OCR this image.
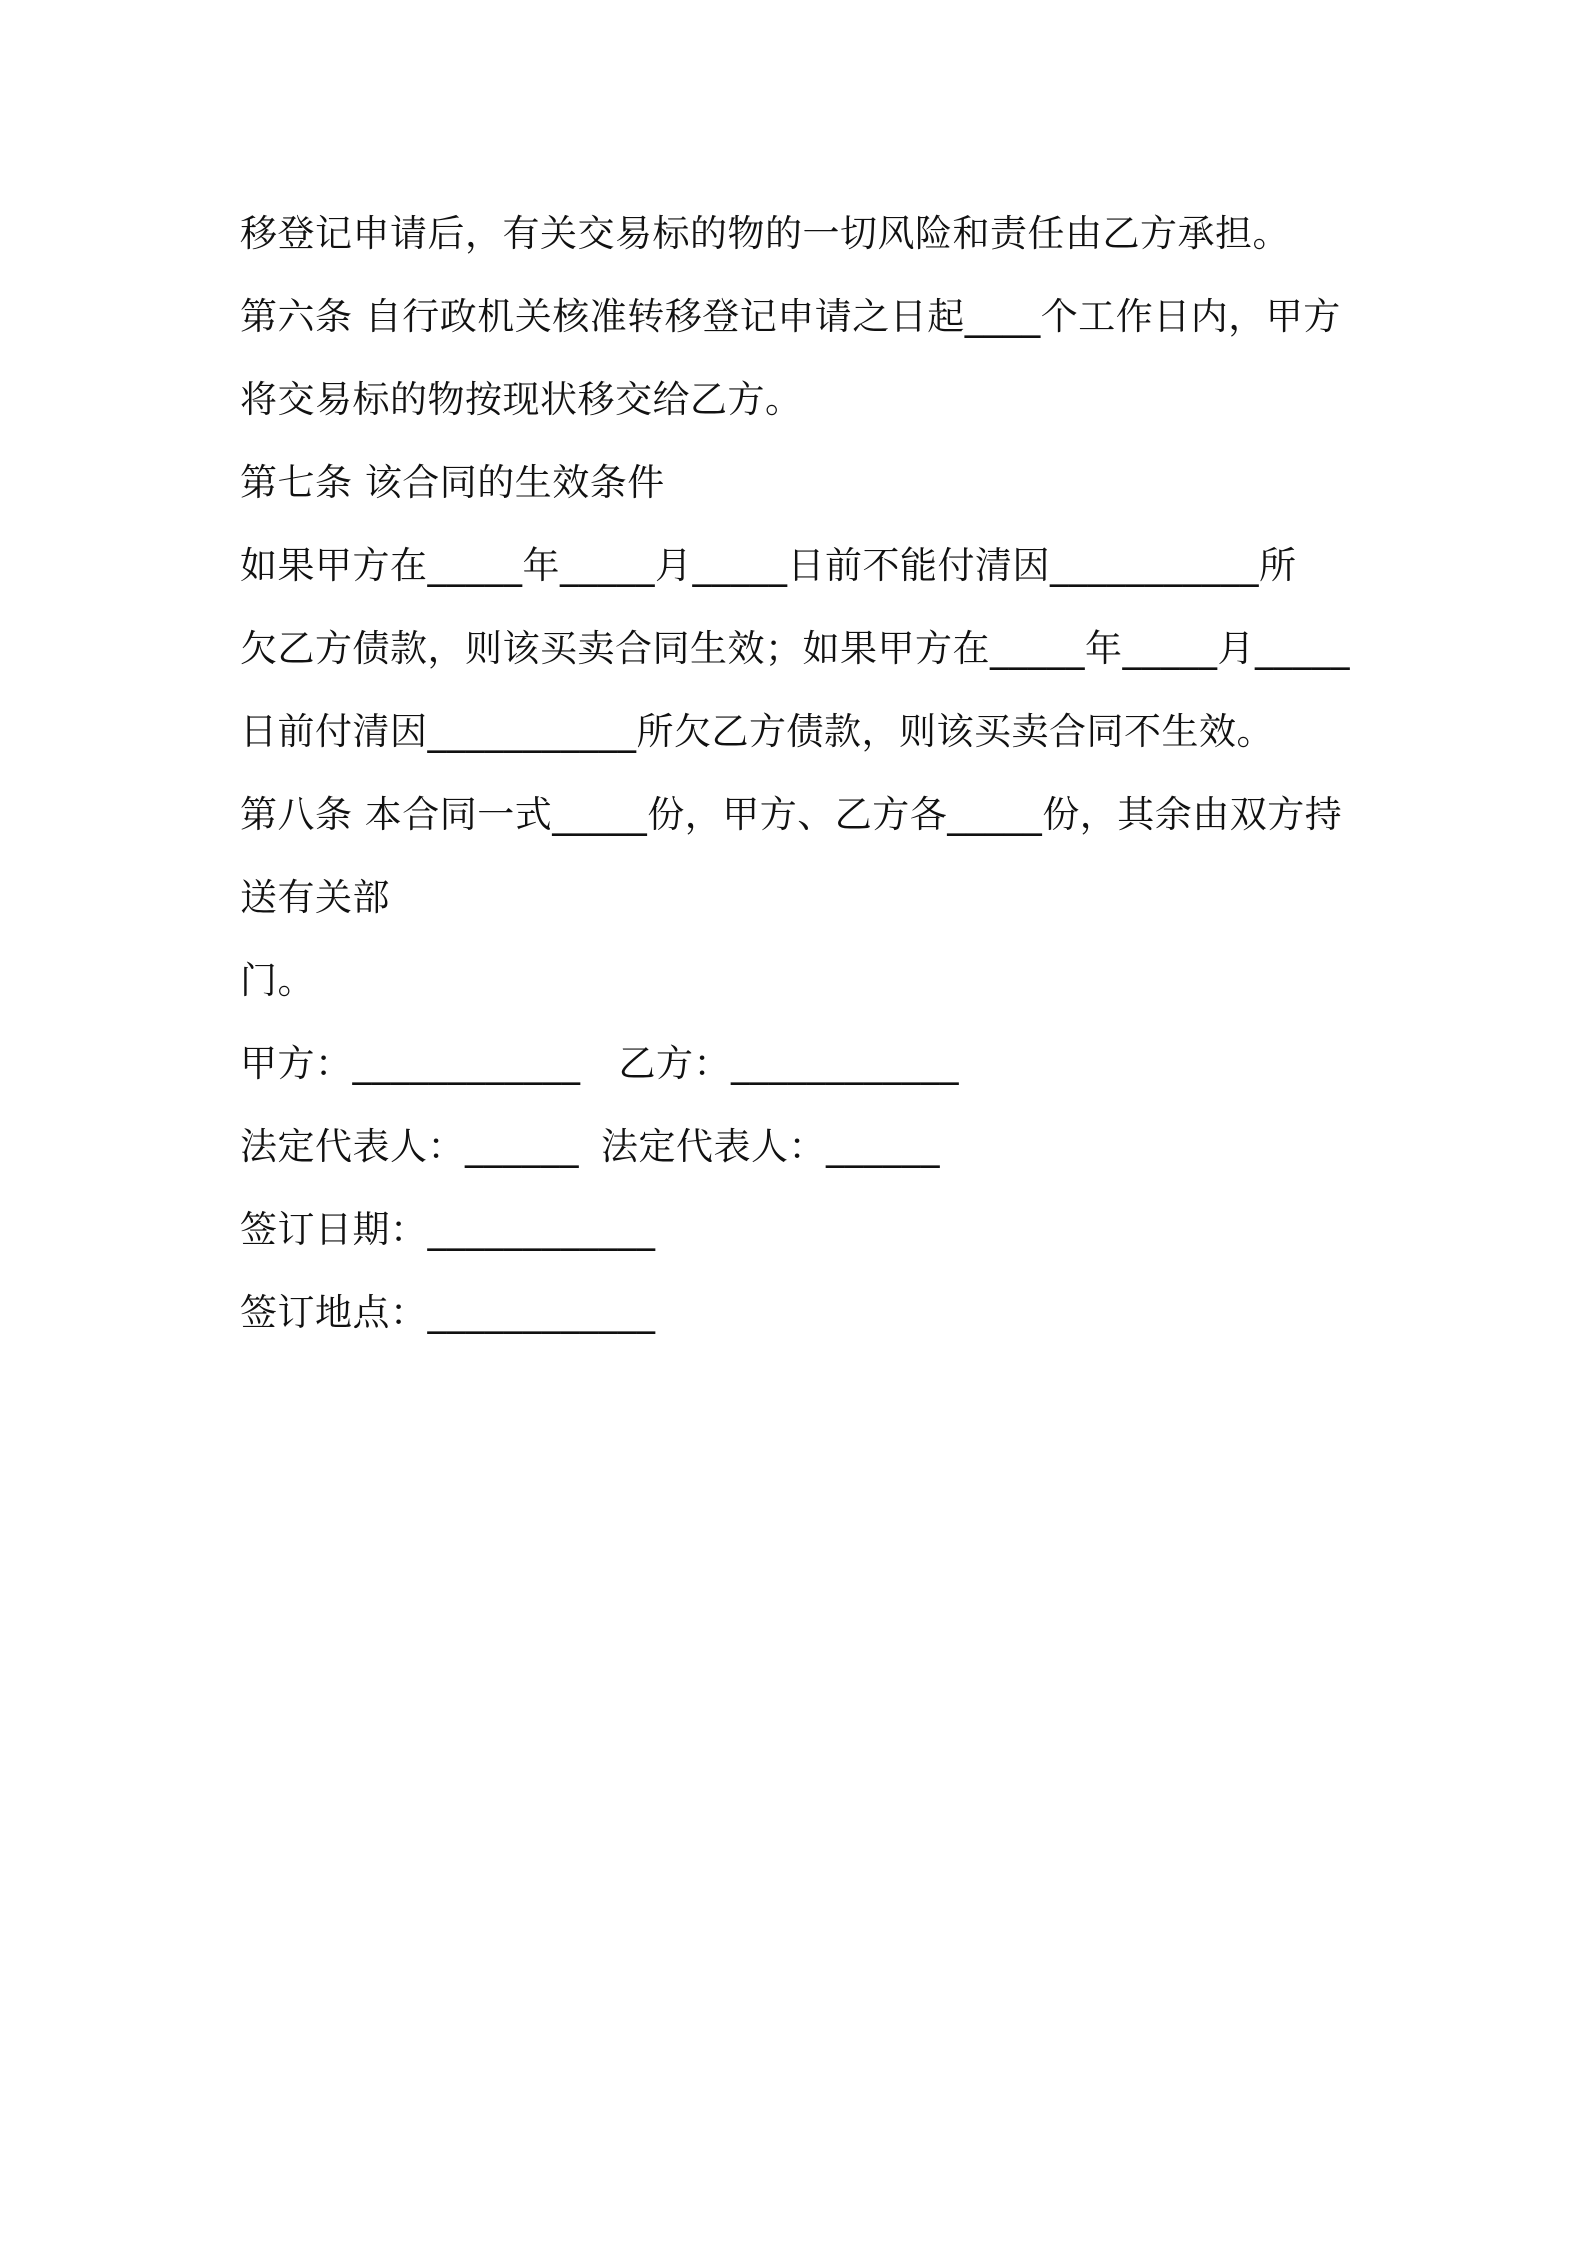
移登记申请后，有关交易标的物的一切风险和责任由乙方承担。
第六条 自行政机关核准转移登记申请之日起____个工作日内，甲方
将交易标的物按现状移交给乙方。
第七条 该合同的生效条件
如果甲方在_____年_____月_____日前不能付清因___________所
欠乙方债款，则该买卖合同生效；如果甲方在_____年_____月_____
日前付清因___________所欠乙方债款，则该买卖合同不生效。
第八条 本合同一式_____份，甲方、乙方各_____份，其余由双方持
送有关部
门。
甲方：____________ 乙方：____________
法定代表人：______ 法定代表人：______
签订日期：____________
签订地点：____________
